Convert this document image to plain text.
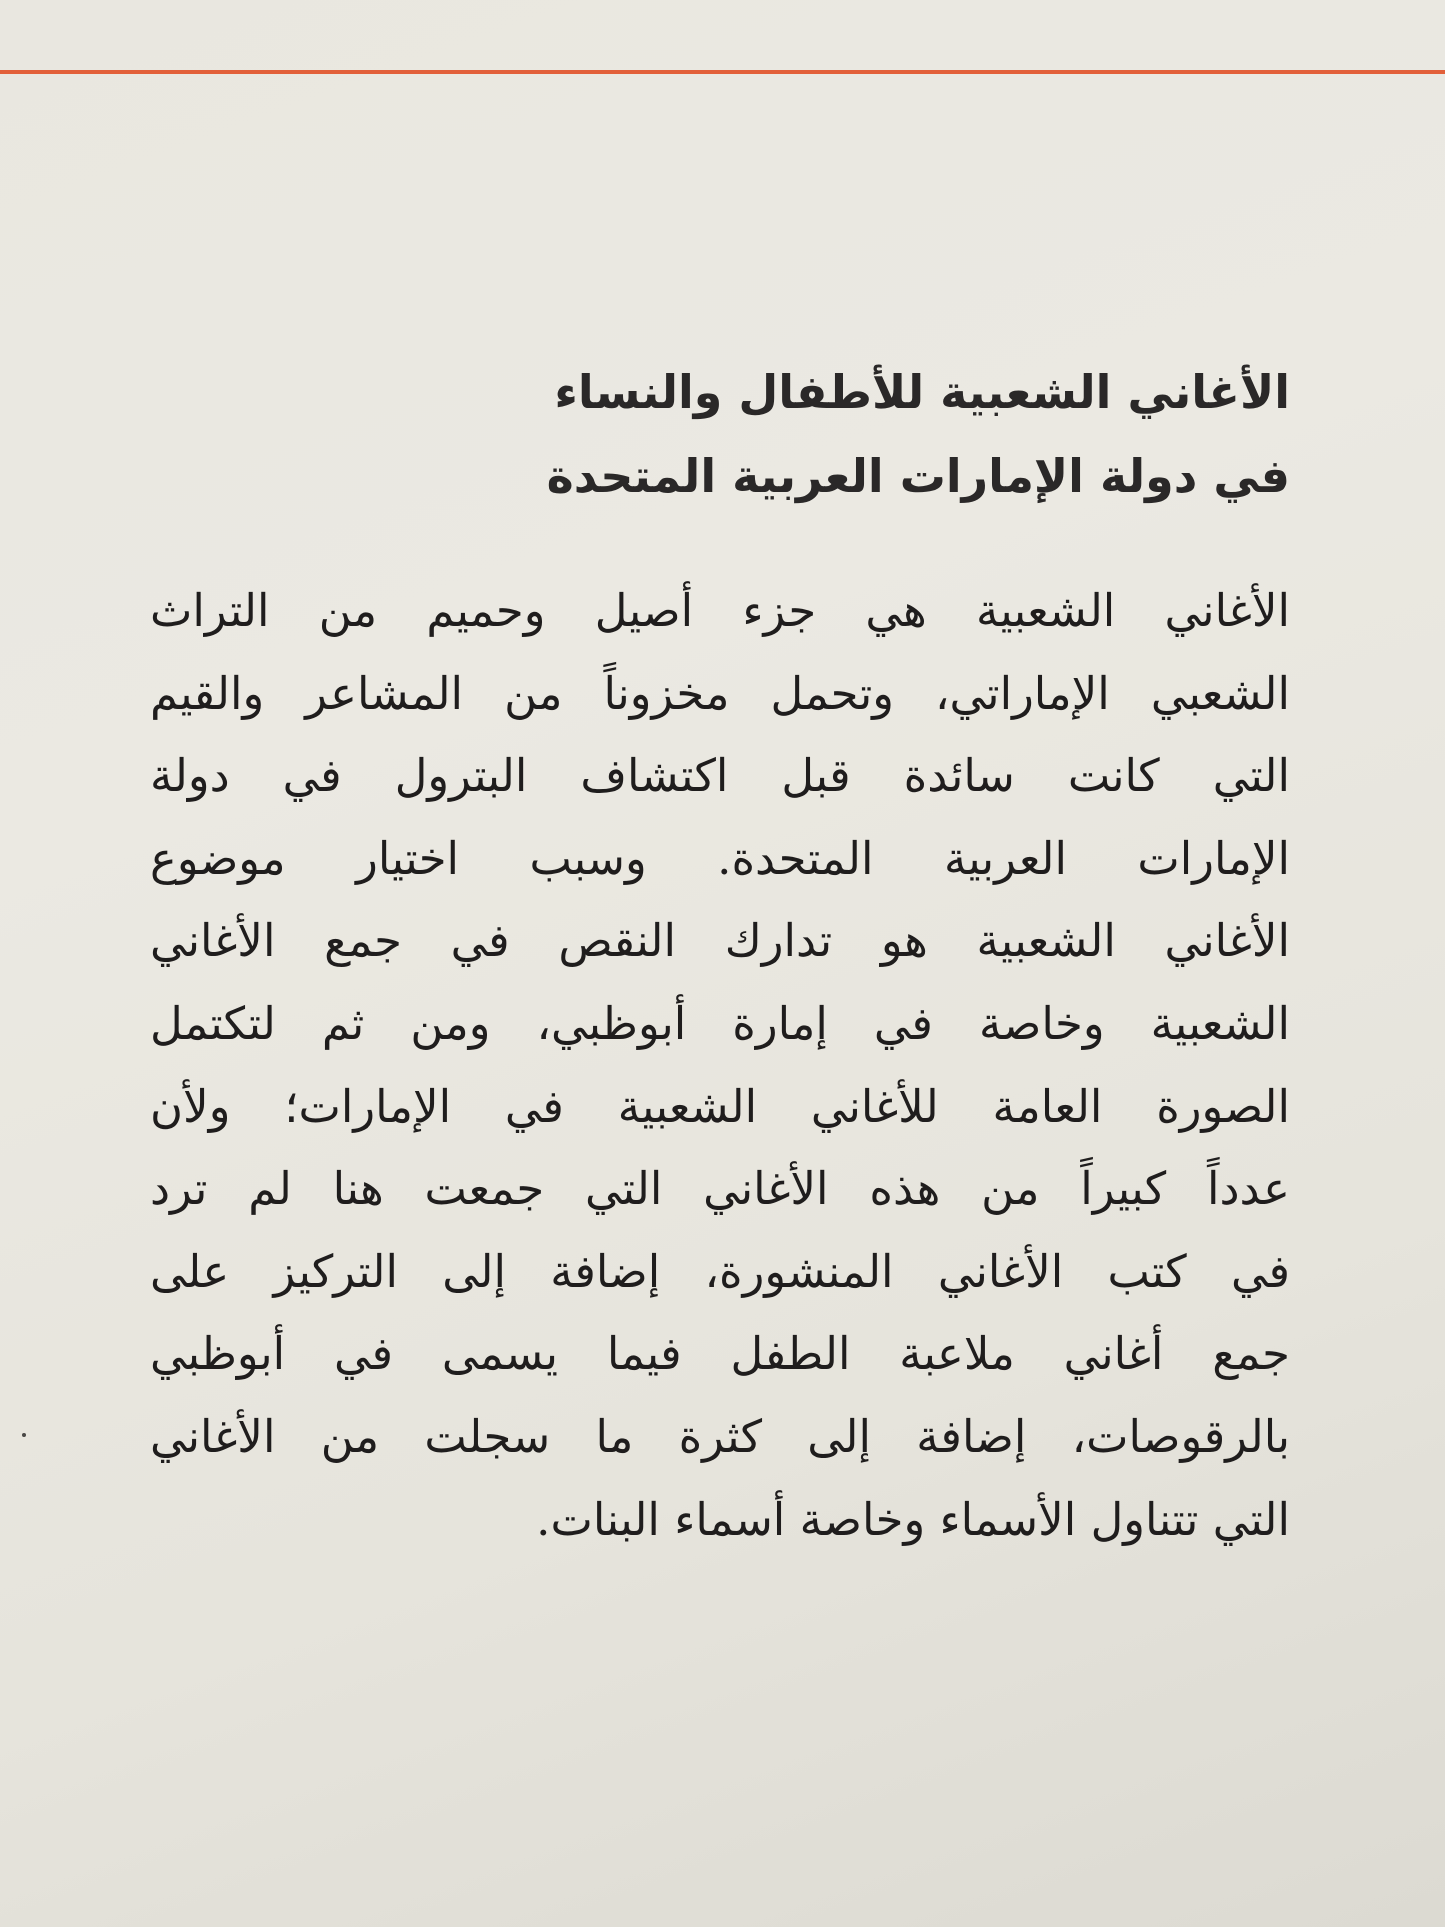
الأغاني الشعبية للأطفال والنساء
في دولة الإمارات العربية المتحدة
الأغاني الشعبية هي جزء أصيل وحميم من التراث
الشعبي الإماراتي، وتحمل مخزوناً من المشاعر والقيم
التي كانت سائدة قبل اكتشاف البترول في دولة
الإمارات العربية المتحدة. وسبب اختيار موضوع
الأغاني الشعبية هو تدارك النقص في جمع الأغاني
الشعبية وخاصة في إمارة أبوظبي، ومن ثم لتكتمل
الصورة العامة للأغاني الشعبية في الإمارات؛ ولأن
عدداً كبيراً من هذه الأغاني التي جمعت هنا لم ترد
في كتب الأغاني المنشورة، إضافة إلى التركيز على
جمع أغاني ملاعبة الطفل فيما يسمى في أبوظبي
بالرقوصات، إضافة إلى كثرة ما سجلت من الأغاني
التي تتناول الأسماء وخاصة أسماء البنات.
